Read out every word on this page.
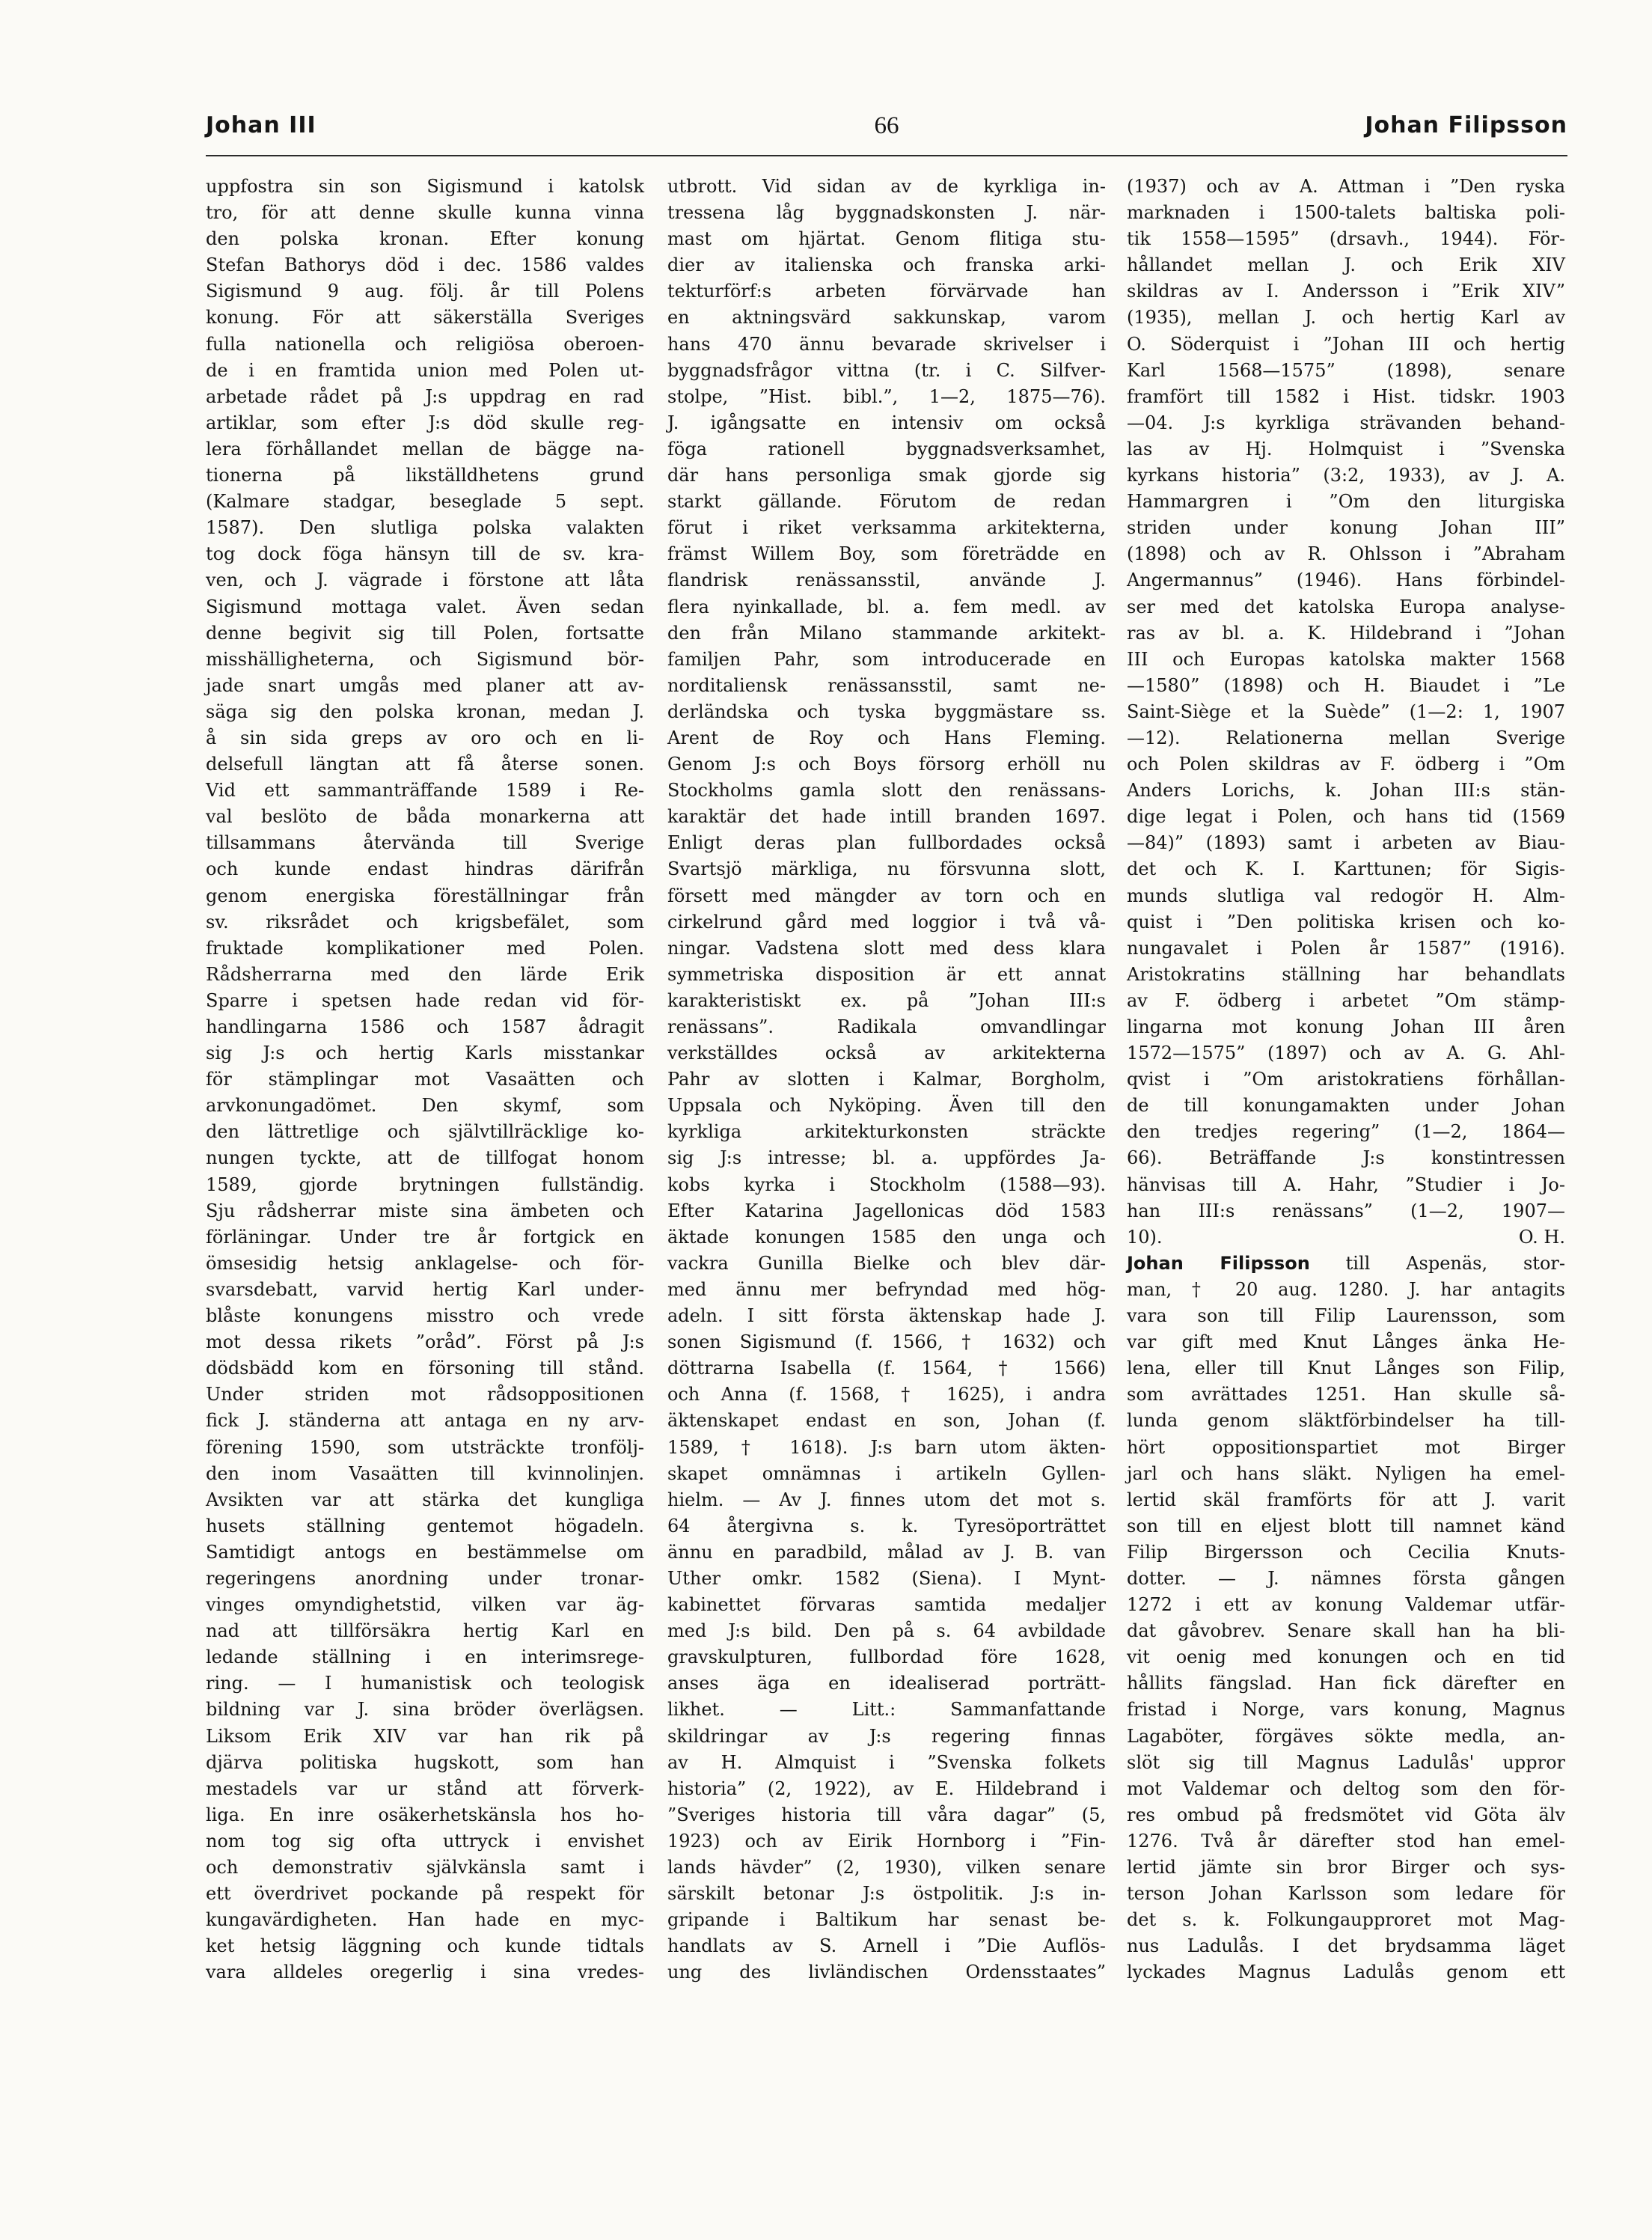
Johan III	66	Johan Filipsson
uppfostra sin son Sigismund i katolsk
tro, för att denne skulle kunna vinna
den polska kronan. Efter konung
Stefan Bathorys död i dec. 1586 valdes
Sigismund 9 aug. följ. år till Polens
konung. För att säkerställa Sveriges
fulla nationella och religiösa oberoen-
de i en framtida union med Polen ut-
arbetade rådet på J:s uppdrag en rad
artiklar, som efter J:s död skulle reg-
lera förhållandet mellan de bägge na-
tionerna på likställdhetens grund
(Kalmare stadgar, beseglade 5 sept.
1587). Den slutliga polska valakten
tog dock föga hänsyn till de sv. kra-
ven, och J. vägrade i förstone att låta
Sigismund mottaga valet. Även sedan
denne begivit sig till Polen, fortsatte
misshälligheterna, och Sigismund bör-
jade snart umgås med planer att av-
säga sig den polska kronan, medan J.
å sin sida greps av oro och en li-
delsefull längtan att få återse sonen.
Vid ett sammanträffande 1589 i Re-
val beslöto de båda monarkerna att
tillsammans återvända till Sverige
och kunde endast hindras därifrån
genom energiska föreställningar från
sv. riksrådet och krigsbefälet, som
fruktade komplikationer med Polen.
Rådsherrarna med den lärde Erik
Sparre i spetsen hade redan vid för-
handlingarna 1586 och 1587 ådragit
sig J:s och hertig Karls misstankar
för stämplingar mot Vasaätten och
arvkonungadömet. Den skymf, som
den lättretlige och självtillräcklige ko-
nungen tyckte, att de tillfogat honom
1589, gjorde brytningen fullständig.
Sju rådsherrar miste sina ämbeten och
förläningar. Under tre år fortgick en
ömsesidig hetsig anklagelse- och för-
svarsdebatt, varvid hertig Karl under-
blåste konungens misstro och vrede
mot dessa rikets ”oråd”. Först på J:s
dödsbädd kom en försoning till stånd.
Under striden mot rådsoppositionen
fick J. ständerna att antaga en ny arv-
förening 1590, som utsträckte tronfölj-
den inom Vasaätten till kvinnolinjen.
Avsikten var att stärka det kungliga
husets ställning gentemot högadeln.
Samtidigt antogs en bestämmelse om
regeringens anordning under tronar-
vinges omyndighetstid, vilken var äg-
nad att tillförsäkra hertig Karl en
ledande ställning i en interimsrege-
ring. — I humanistisk och teologisk
bildning var J. sina bröder överlägsen.
Liksom Erik XIV var han rik på
djärva politiska hugskott, som han
mestadels var ur stånd att förverk-
liga. En inre osäkerhetskänsla hos ho-
nom tog sig ofta uttryck i envishet
och demonstrativ självkänsla samt i
ett överdrivet pockande på respekt för
kungavärdigheten. Han hade en myc-
ket hetsig läggning och kunde tidtals
vara alldeles oregerlig i sina vredes-
utbrott. Vid sidan av de kyrkliga in-
tressena låg byggnadskonsten J. när-
mast om hjärtat. Genom flitiga stu-
dier av italienska och franska arki-
tekturförf:s arbeten förvärvade han
en aktningsvärd sakkunskap, varom
hans 470 ännu bevarade skrivelser i
byggnadsfrågor vittna (tr. i C. Silfver-
stolpe, ”Hist. bibl.”, 1—2, 1875—76).
J. igångsatte en intensiv om också
föga rationell byggnadsverksamhet,
där hans personliga smak gjorde sig
starkt gällande. Förutom de redan
förut i riket verksamma arkitekterna,
främst Willem Boy, som företrädde en
flandrisk renässansstil, använde J.
flera nyinkallade, bl. a. fem medl. av
den från Milano stammande arkitekt-
familjen Pahr, som introducerade en
norditaliensk renässansstil, samt ne-
derländska och tyska byggmästare ss.
Arent de Roy och Hans Fleming.
Genom J:s och Boys försorg erhöll nu
Stockholms gamla slott den renässans-
karaktär det hade intill branden 1697.
Enligt deras plan fullbordades också
Svartsjö märkliga, nu försvunna slott,
försett med mängder av torn och en
cirkelrund gård med loggior i två vå-
ningar. Vadstena slott med dess klara
symmetriska disposition är ett annat
karakteristiskt ex. på ”Johan III:s
renässans”. Radikala omvandlingar
verkställdes också av arkitekterna
Pahr av slotten i Kalmar, Borgholm,
Uppsala och Nyköping. Även till den
kyrkliga arkitekturkonsten sträckte
sig J:s intresse; bl. a. uppfördes Ja-
kobs kyrka i Stockholm (1588—93).
Efter Katarina Jagellonicas död 1583
äktade konungen 1585 den unga och
vackra Gunilla Bielke och blev där-
med ännu mer befryndad med hög-
adeln. I sitt första äktenskap hade J.
sonen Sigismund (f. 1566, † 1632) och
döttrarna Isabella (f. 1564, † 1566)
och Anna (f. 1568, † 1625), i andra
äktenskapet endast en son, Johan (f.
1589, † 1618). J:s barn utom äkten-
skapet omnämnas i artikeln Gyllen-
hielm. — Av J. finnes utom det mot s.
64 återgivna s. k. Tyresöporträttet
ännu en paradbild, målad av J. B. van
Uther omkr. 1582 (Siena). I Mynt-
kabinettet förvaras samtida medaljer
med J:s bild. Den på s. 64 avbildade
gravskulpturen, fullbordad före 1628,
anses äga en idealiserad porträtt-
likhet. — Litt.: Sammanfattande
skildringar av J:s regering finnas
av H. Almquist i ”Svenska folkets
historia” (2, 1922), av E. Hildebrand i
”Sveriges historia till våra dagar” (5,
1923) och av Eirik Hornborg i ”Fin-
lands hävder” (2, 1930), vilken senare
särskilt betonar J:s östpolitik. J:s in-
gripande i Baltikum har senast be-
handlats av S. Arnell i ”Die Auflös-
ung des livländischen Ordensstaates”
(1937) och av A. Attman i ”Den ryska
marknaden i 1500-talets baltiska poli-
tik 1558—1595” (drsavh., 1944). För-
hållandet mellan J. och Erik XIV
skildras av I. Andersson i ”Erik XIV”
(1935), mellan J. och hertig Karl av
O. Söderquist i ”Johan III och hertig
Karl 1568—1575” (1898), senare
framfört till 1582 i Hist. tidskr. 1903
—04. J:s kyrkliga strävanden behand-
las av Hj. Holmquist i ”Svenska
kyrkans historia” (3:2, 1933), av J. A.
Hammargren i ”Om den liturgiska
striden under konung Johan III”
(1898) och av R. Ohlsson i ”Abraham
Angermannus” (1946). Hans förbindel-
ser med det katolska Europa analyse-
ras av bl. a. K. Hildebrand i ”Johan
III och Europas katolska makter 1568
—1580” (1898) och H. Biaudet i ”Le
Saint-Siège et la Suède” (1—2: 1, 1907
—12). Relationerna mellan Sverige
och Polen skildras av F. ödberg i ”Om
Anders Lorichs, k. Johan III:s stän-
dige legat i Polen, och hans tid (1569
—84)” (1893) samt i arbeten av Biau-
det och K. I. Karttunen; för Sigis-
munds slutliga val redogör H. Alm-
quist i ”Den politiska krisen och ko-
nungavalet i Polen år 1587” (1916).
Aristokratins ställning har behandlats
av F. ödberg i arbetet ”Om stämp-
lingarna mot konung Johan III åren
1572—1575” (1897) och av A. G. Ahl-
qvist i ”Om aristokratiens förhållan-
de till konungamakten under Johan
den tredjes regering” (1—2, 1864—
66). Beträffande J:s konstintressen
hänvisas till A. Hahr, ”Studier i Jo-
han III:s renässans” (1—2, 1907—
10).	O. H.
Johan Filipsson till Aspenäs, stor-
man, † 20 aug. 1280. J. har antagits
vara son till Filip Laurensson, som
var gift med Knut Långes änka He-
lena, eller till Knut Långes son Filip,
som avrättades 1251. Han skulle så-
lunda genom släktförbindelser ha till-
hört oppositionspartiet mot Birger
jarl och hans släkt. Nyligen ha emel-
lertid skäl framförts för att J. varit
son till en eljest blott till namnet känd
Filip Birgersson och Cecilia Knuts-
dotter. — J. nämnes första gången
1272 i ett av konung Valdemar utfär-
dat gåvobrev. Senare skall han ha bli-
vit oenig med konungen och en tid
hållits fängslad. Han fick därefter en
fristad i Norge, vars konung, Magnus
Lagaböter, förgäves sökte medla, an-
slöt sig till Magnus Ladulås' uppror
mot Valdemar och deltog som den för-
res ombud på fredsmötet vid Göta älv
1276. Två år därefter stod han emel-
lertid jämte sin bror Birger och sys-
terson Johan Karlsson som ledare för
det s. k. Folkungaupproret mot Mag-
nus Ladulås. I det brydsamma läget
lyckades Magnus Ladulås genom ett
